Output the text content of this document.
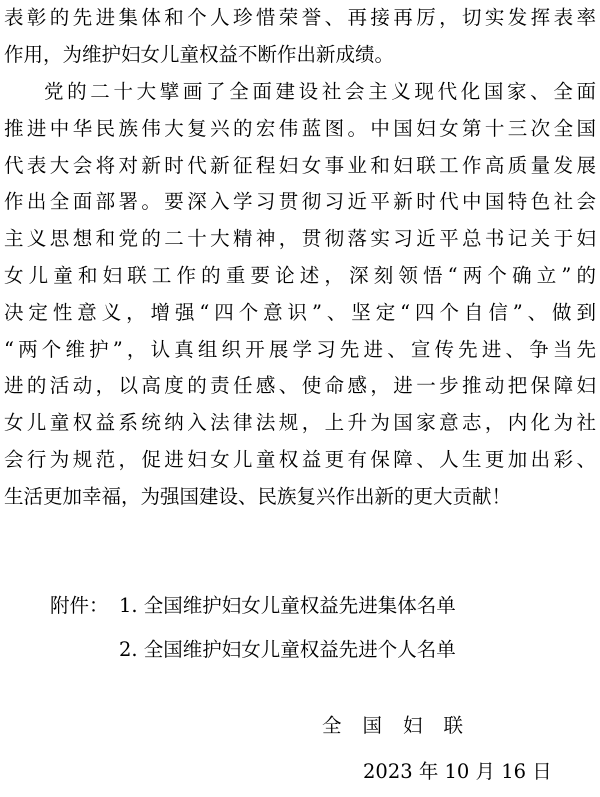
表彰的先进集体和个人珍惜荣誉、再接再厉，切实发挥表率
作用，为维护妇女儿童权益不断作出新成绩。
党的二十大擘画了全面建设社会主义现代化国家、全面
推进中华民族伟大复兴的宏伟蓝图。中国妇女第十三次全国
代表大会将对新时代新征程妇女事业和妇联工作高质量发展
作出全面部署。要深入学习贯彻习近平新时代中国特色社会
主义思想和党的二十大精神，贯彻落实习近平总书记关于妇
女儿童和妇联工作的重要论述，深刻领悟“两个确立”的
决定性意义，增强“四个意识”、坚定“四个自信”、做到
“两个维护”，认真组织开展学习先进、宣传先进、争当先
进的活动，以高度的责任感、使命感，进一步推动把保障妇
女儿童权益系统纳入法律法规，上升为国家意志，内化为社
会行为规范，促进妇女儿童权益更有保障、人生更加出彩、
生活更加幸福，为强国建设、民族复兴作出新的更大贡献！
附件： 1. 全国维护妇女儿童权益先进集体名单
2. 全国维护妇女儿童权益先进个人名单
全国妇联
2023 年 10 月 16 日
